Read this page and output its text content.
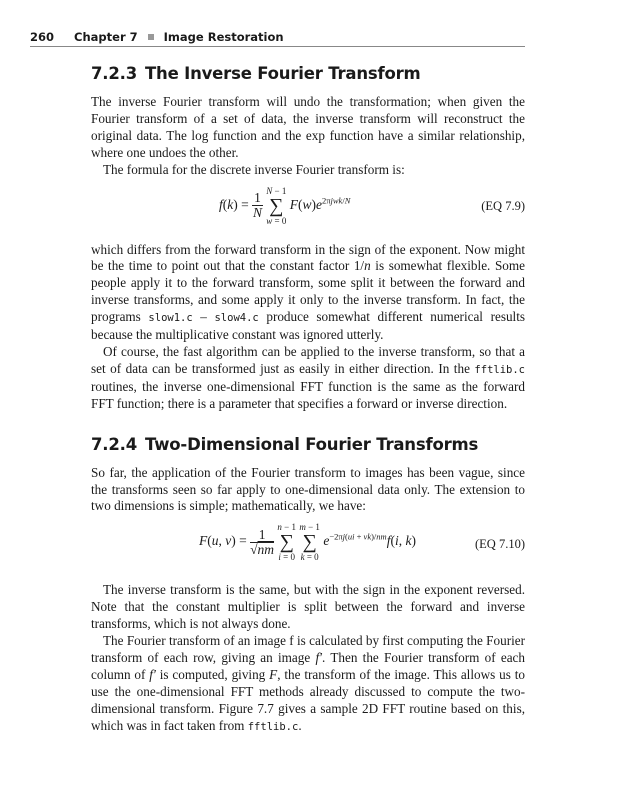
260 Chapter 7 Image Restoration
7.2.3 The Inverse Fourier Transform

The inverse Fourier transform will undo the transformation; when given the Fourier transform of a set of data, the inverse transform will reconstruct the original data. The log function and the exp function have a similar relationship, where one undoes the other.

The formula for the discrete inverse Fourier transform is:

$f(k) = \frac{1}{N}$
N − 1
∑
w = 0 $F(w)e^{2\pi jwk/N}$	(EQ 7.9)

which differs from the forward transform in the sign of the exponent. Now might be the time to point out that the constant factor 1/n is somewhat flexible. Some people apply it to the forward transform, some split it between the forward and inverse transforms, and some apply it only to the inverse transform. In fact, the programs slow1.c – slow4.c produce somewhat different numerical results because the multiplicative constant was ignored utterly.

Of course, the fast algorithm can be applied to the inverse transform, so that a set of data can be transformed just as easily in either direction. In the fftlib.c routines, the inverse one-dimensional FFT function is the same as the forward FFT function; there is a parameter that specifies a forward or inverse direction.

7.2.4 Two-Dimensional Fourier Transforms

So far, the application of the Fourier transform to images has been vague, since the transforms seen so far apply to one-dimensional data only. The extension to two dimensions is simple; mathematically, we have:

F(u, $v) = \frac{1}{√nm}$
n − 1
∑
i = 0 m − 1
∑
k = 0 $e^{-2\pi j(ui + vk)/nm}f(i$, k)	(EQ 7.10)

The inverse transform is the same, but with the sign in the exponent reversed. Note that the constant multiplier is split between the forward and inverse transforms, which is not always done.

The Fourier transform of an image f is calculated by first computing the Fourier transform of each row, giving an image f′. Then the Fourier transform of each column of f′ is computed, giving F, the transform of the image. This allows us to use the one-dimensional FFT methods already discussed to compute the two-dimensional transform. Figure 7.7 gives a sample 2D FFT routine based on this, which was in fact taken from fftlib.c.
